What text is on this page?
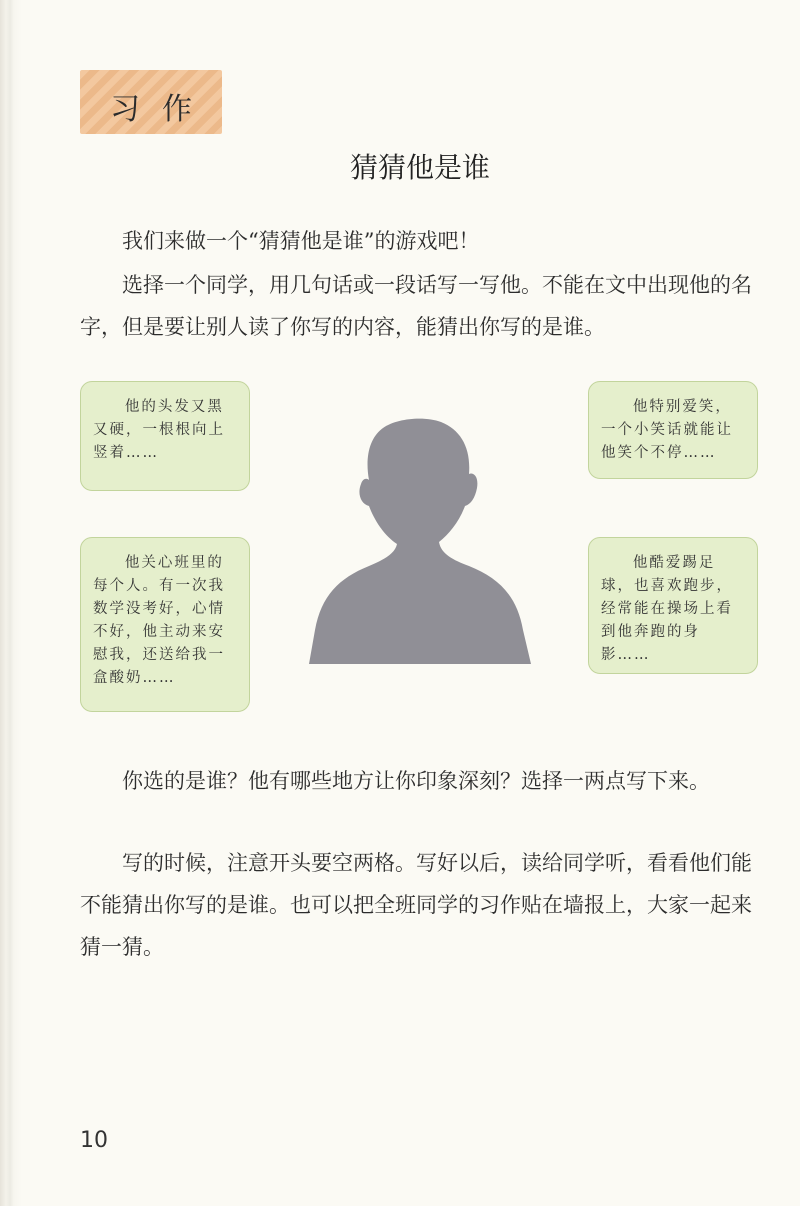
习作
猜猜他是谁

我们来做一个“猜猜他是谁”的游戏吧！

选择一个同学，用几句话或一段话写一写他。不能在文中出现他的名字，但是要让别人读了你写的内容，能猜出你写的是谁。

他的头发又黑又硬，一根根向上竖着……

他特别爱笑，一个小笑话就能让他笑个不停……

他关心班里的每个人。有一次我数学没考好，心情不好，他主动来安慰我，还送给我一盒酸奶……

他酷爱踢足球，也喜欢跑步，经常能在操场上看到他奔跑的身影……

你选的是谁？他有哪些地方让你印象深刻？选择一两点写下来。

写的时候，注意开头要空两格。写好以后，读给同学听，看看他们能不能猜出你写的是谁。也可以把全班同学的习作贴在墙报上，大家一起来猜一猜。

10
